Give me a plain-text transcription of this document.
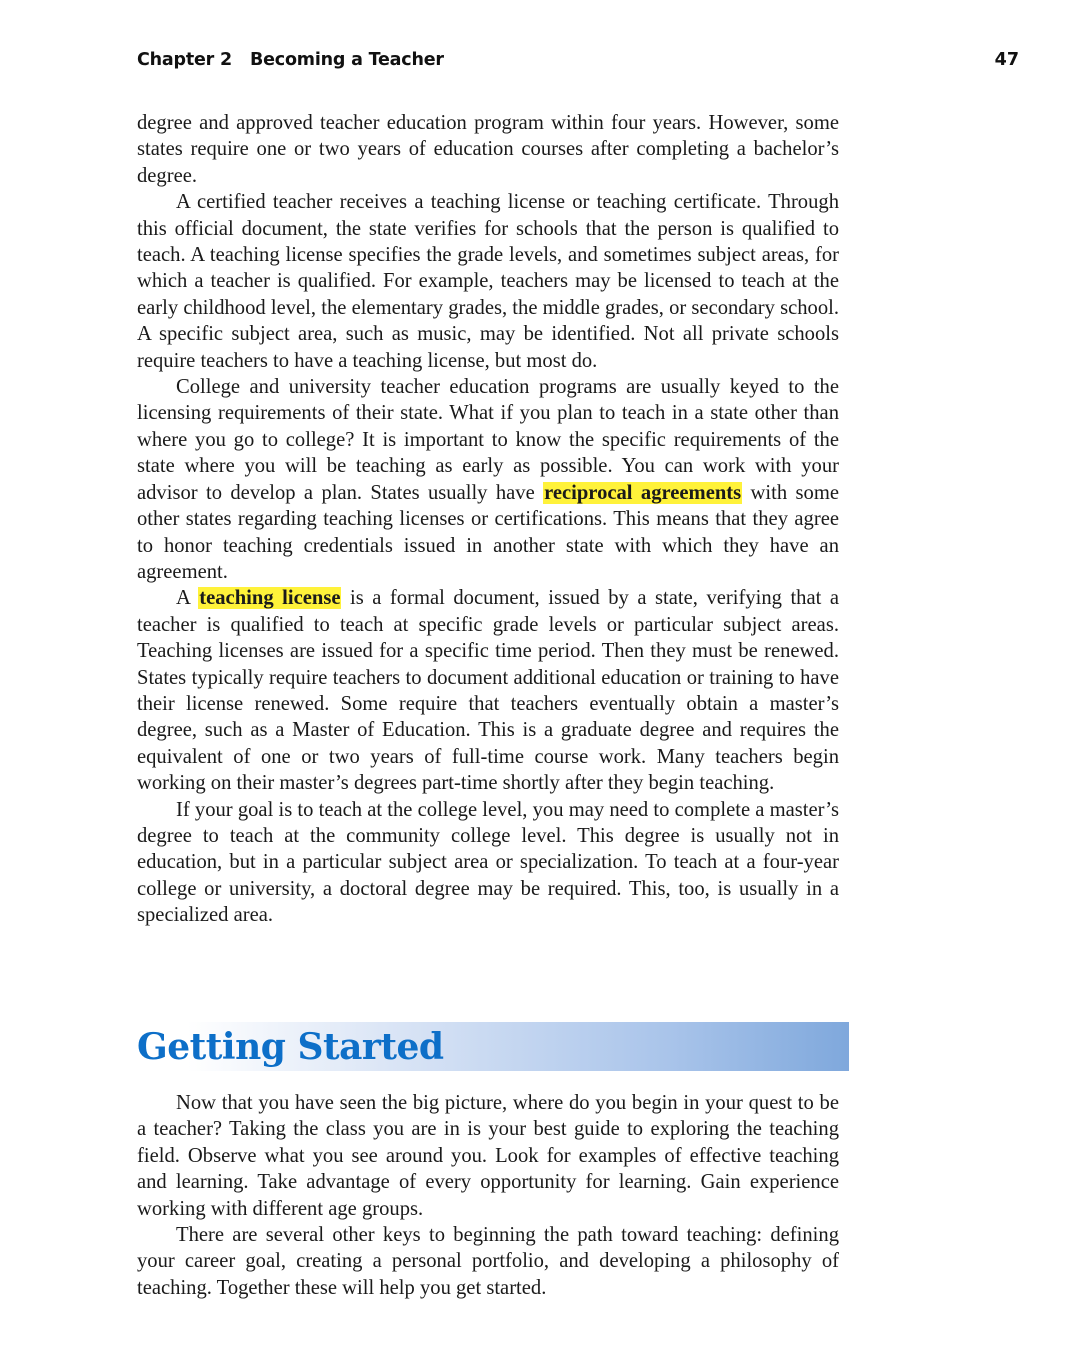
Chapter 2 Becoming a Teacher	47

degree and approved teacher education program within four years. However, some states require one or two years of education courses after completing a bachelor’s degree.

A certified teacher receives a teaching license or teaching certificate. Through this official document, the state verifies for schools that the person is qualified to teach. A teaching license specifies the grade levels, and sometimes subject areas, for which a teacher is qualified. For example, teachers may be licensed to teach at the early childhood level, the elementary grades, the middle grades, or secondary school. A specific subject area, such as music, may be identified. Not all private schools require teachers to have a teaching license, but most do.

College and university teacher education programs are usually keyed to the licensing requirements of their state. What if you plan to teach in a state other than where you go to college? It is important to know the specific requirements of the state where you will be teaching as early as possible. You can work with your advisor to develop a plan. States usually have reciprocal agreements with some other states regarding teaching licenses or certifications. This means that they agree to honor teaching credentials issued in another state with which they have an agreement.

A teaching license is a formal document, issued by a state, verifying that a teacher is qualified to teach at specific grade levels or particular subject areas. Teaching licenses are issued for a specific time period. Then they must be renewed. States typically require teachers to document additional education or training to have their license renewed. Some require that teachers eventually obtain a master’s degree, such as a Master of Education. This is a graduate degree and requires the equivalent of one or two years of full-time course work. Many teachers begin working on their master’s degrees part-time shortly after they begin teaching.

If your goal is to teach at the college level, you may need to complete a master’s degree to teach at the community college level. This degree is usually not in education, but in a particular subject area or specialization. To teach at a four-year college or university, a doctoral degree may be required. This, too, is usually in a specialized area.

Getting Started

Now that you have seen the big picture, where do you begin in your quest to be a teacher? Taking the class you are in is your best guide to exploring the teaching field. Observe what you see around you. Look for examples of effective teaching and learning. Take advantage of every opportunity for learning. Gain experience working with different age groups.

There are several other keys to beginning the path toward teaching: defining your career goal, creating a personal portfolio, and developing a philosophy of teaching. Together these will help you get started.
